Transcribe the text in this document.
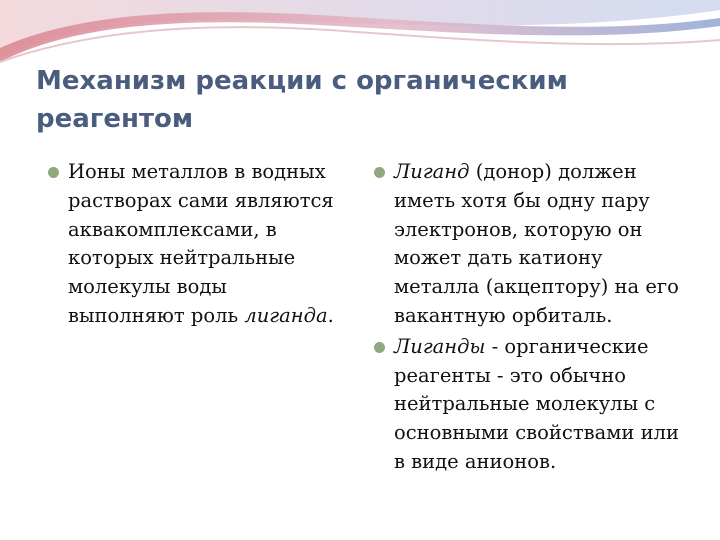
Механизм реакции с органическим реагентом

Ионы металлов в водных растворах сами являются аквакомплексами, в которых нейтральные молекулы воды выполняют роль лиганда.

Лиганд (донор) должен иметь хотя бы одну пару электронов, которую он может дать катиону металла (акцептору) на его вакантную орбиталь.

Лиганды - органические реагенты - это обычно нейтральные молекулы с основными свойствами или в виде анионов.
